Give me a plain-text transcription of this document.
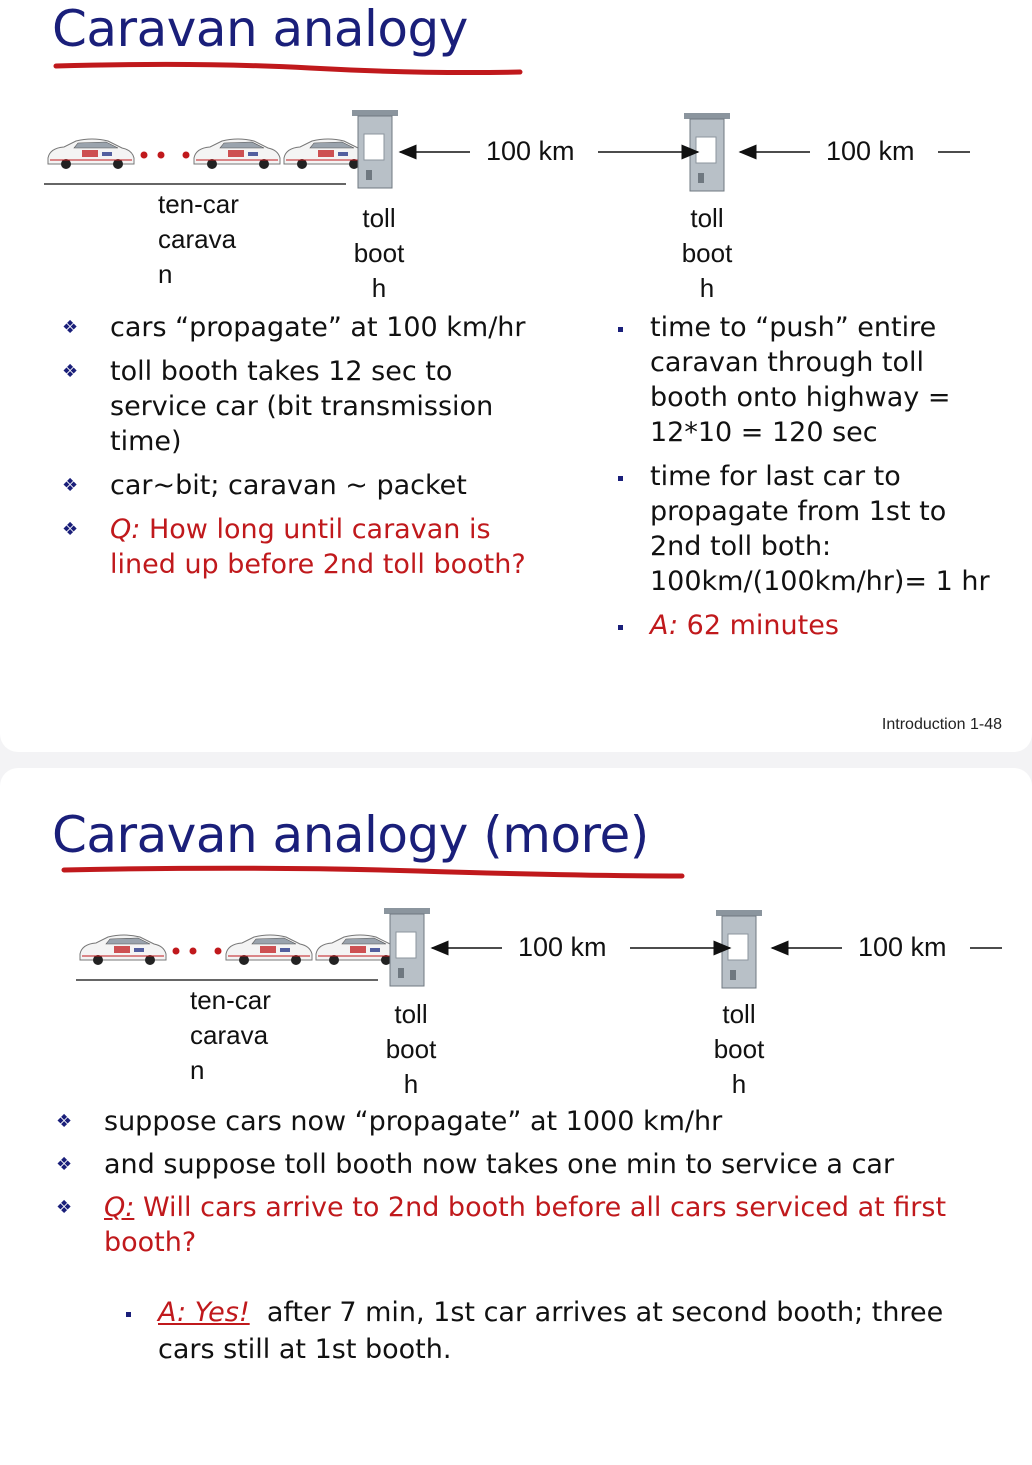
Caravan analogy
100 km	100 km
ten-car
carava
n
toll
boot
h
toll
boot
h
❖ cars “propagate” at 100 km/hr
❖ toll booth takes 12 sec to service car (bit transmission time)
❖ car~bit; caravan ~ packet
❖ Q: How long until caravan is lined up before 2nd toll booth?
time to “push” entire caravan through toll booth onto highway = 12*10 = 120 sec
time for last car to propagate from 1st to 2nd toll both: 100km/(100km/hr)= 1 hr
A: 62 minutes
Introduction 1-48
Caravan analogy (more)
100 km	100 km
ten-car
carava
n
toll
boot
h
toll
boot
h
❖ suppose cars now “propagate” at 1000 km/hr
❖ and suppose toll booth now takes one min to service a car
❖ Q: Will cars arrive to 2nd booth before all cars serviced at first booth?
A: Yes! after 7 min, 1st car arrives at second booth; three cars still at 1st booth.
